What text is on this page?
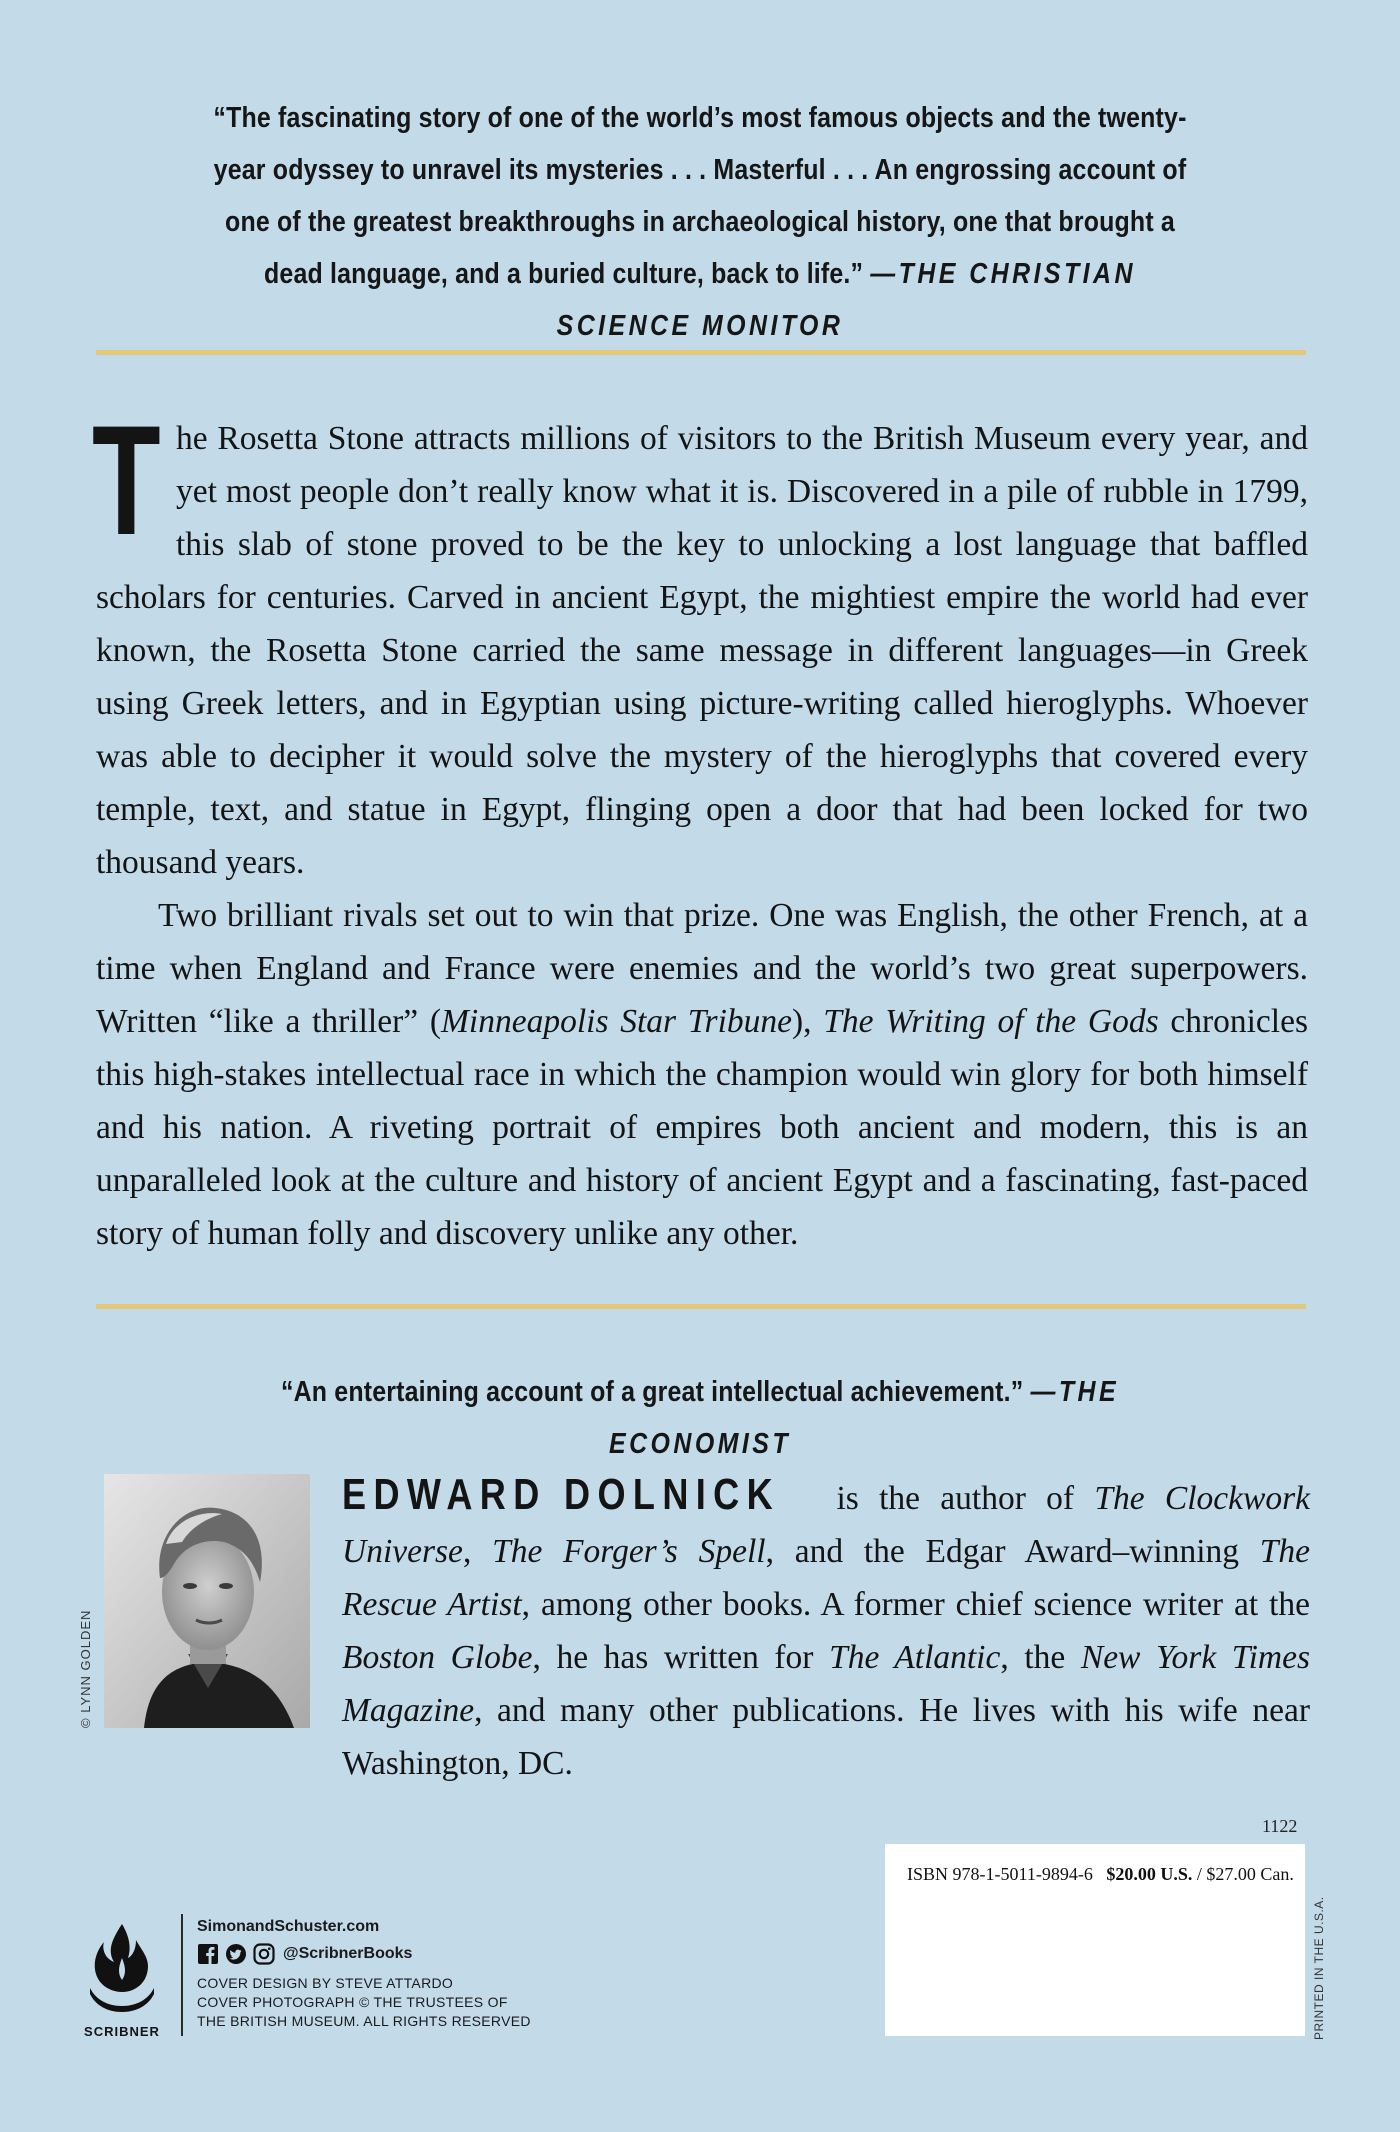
“The fascinating story of one of the world’s most famous objects and the twenty-year odyssey to unravel its mysteries . . . Masterful . . . An engrossing account of one of the greatest breakthroughs in archaeological history, one that brought a dead language, and a buried culture, back to life.” —THE CHRISTIAN SCIENCE MONITOR

The Rosetta Stone attracts millions of visitors to the British Museum every year, and yet most people don’t really know what it is. Discovered in a pile of rubble in 1799, this slab of stone proved to be the key to unlocking a lost language that baffled scholars for centuries. Carved in ancient Egypt, the mightiest empire the world had ever known, the Rosetta Stone carried the same message in different languages—in Greek using Greek letters, and in Egyptian using picture-writing called hieroglyphs. Whoever was able to decipher it would solve the mystery of the hieroglyphs that covered every temple, text, and statue in Egypt, flinging open a door that had been locked for two thousand years.

Two brilliant rivals set out to win that prize. One was English, the other French, at a time when England and France were enemies and the world’s two great superpowers. Written “like a thriller” (Minneapolis Star Tribune), The Writing of the Gods chronicles this high-stakes intellectual race in which the champion would win glory for both himself and his nation. A riveting portrait of empires both ancient and modern, this is an unparalleled look at the culture and history of ancient Egypt and a fascinating, fast-paced story of human folly and discovery unlike any other.

“An entertaining account of a great intellectual achievement.” —THE ECONOMIST
© LYNN GOLDEN
EDWARD DOLNICK is the author of The Clockwork Universe, The Forger’s Spell, and the Edgar Award–winning The Rescue Artist, among other books. A former chief science writer at the Boston Globe, he has written for The Atlantic, the New York Times Magazine, and many other publications. He lives with his wife near Washington, DC.
1122
ISBN 978-1-5011-9894-6 $20.00 U.S. / $27.00 Can.
PRINTED IN THE U.S.A.
SCRIBNER
SimonandSchuster.com
@ScribnerBooks
COVER DESIGN BY STEVE ATTARDO
COVER PHOTOGRAPH © THE TRUSTEES OF
THE BRITISH MUSEUM. ALL RIGHTS RESERVED
